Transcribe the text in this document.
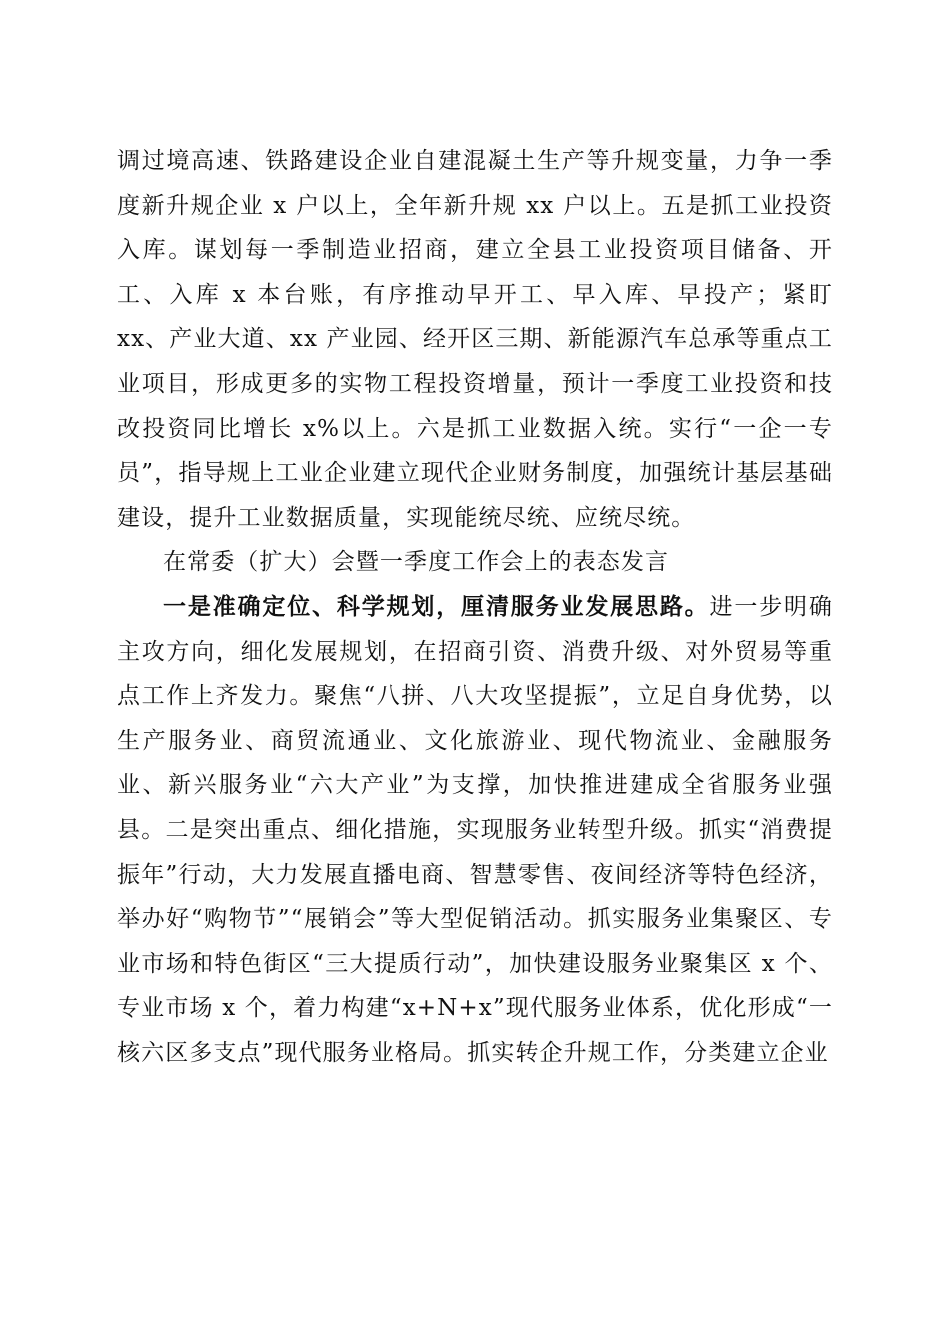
调过境高速、铁路建设企业自建混凝土生产等升规变量，力争一季度新升规企业 x 户以上，全年新升规 xx 户以上。五是抓工业投资入库。谋划每一季制造业招商，建立全县工业投资项目储备、开工、入库 x 本台账，有序推动早开工、早入库、早投产；紧盯 xx、产业大道、xx 产业园、经开区三期、新能源汽车总承等重点工业项目，形成更多的实物工程投资增量，预计一季度工业投资和技改投资同比增长 x%以上。六是抓工业数据入统。实行“一企一专员”，指导规上工业企业建立现代企业财务制度，加强统计基层基础建设，提升工业数据质量，实现能统尽统、应统尽统。

在常委（扩大）会暨一季度工作会上的表态发言

一是准确定位、科学规划，厘清服务业发展思路。进一步明确主攻方向，细化发展规划，在招商引资、消费升级、对外贸易等重点工作上齐发力。聚焦“八拼、八大攻坚提振”，立足自身优势，以生产服务业、商贸流通业、文化旅游业、现代物流业、金融服务业、新兴服务业“六大产业”为支撑，加快推进建成全省服务业强县。二是突出重点、细化措施，实现服务业转型升级。抓实“消费提振年”行动，大力发展直播电商、智慧零售、夜间经济等特色经济，举办好“购物节”“展销会”等大型促销活动。抓实服务业集聚区、专业市场和特色街区“三大提质行动”，加快建设服务业聚集区 x 个、专业市场 x 个，着力构建“x+N+x”现代服务业体系，优化形成“一核六区多支点”现代服务业格局。抓实转企升规工作，分类建立企业
